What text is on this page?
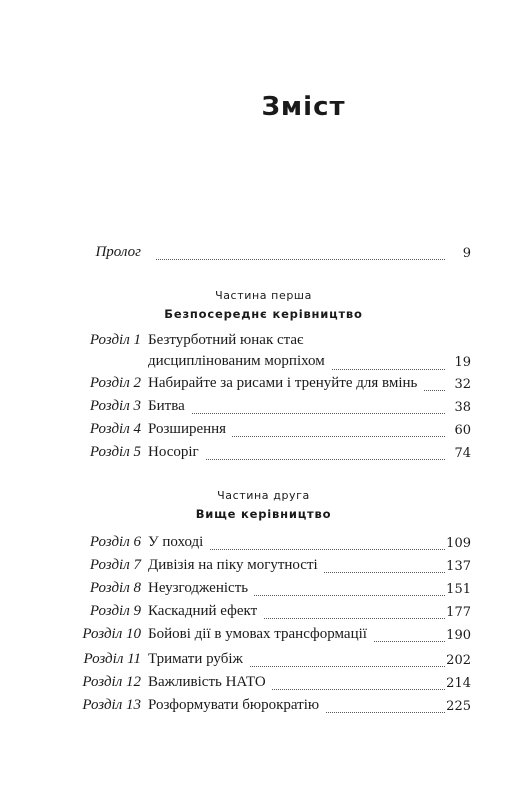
Зміст
Пролог	9
Частина перша
Безпосереднє керівництво
Розділ 1 Безтурботний юнак стає
дисциплінованим морпіхом	19
Розділ 2 Набирайте за рисами і тренуйте для вмінь	32
Розділ 3 Битва	38
Розділ 4 Розширення	60
Розділ 5 Носоріг	74
Частина друга
Вище керівництво
Розділ 6 У поході	109
Розділ 7 Дивізія на піку могутності	137
Розділ 8 Неузгодженість	151
Розділ 9 Каскадний ефект	177
Розділ 10 Бойові дії в умовах трансформації	190
Розділ 11 Тримати рубіж	202
Розділ 12 Важливість НАТО	214
Розділ 13 Розформувати бюрократію	225
